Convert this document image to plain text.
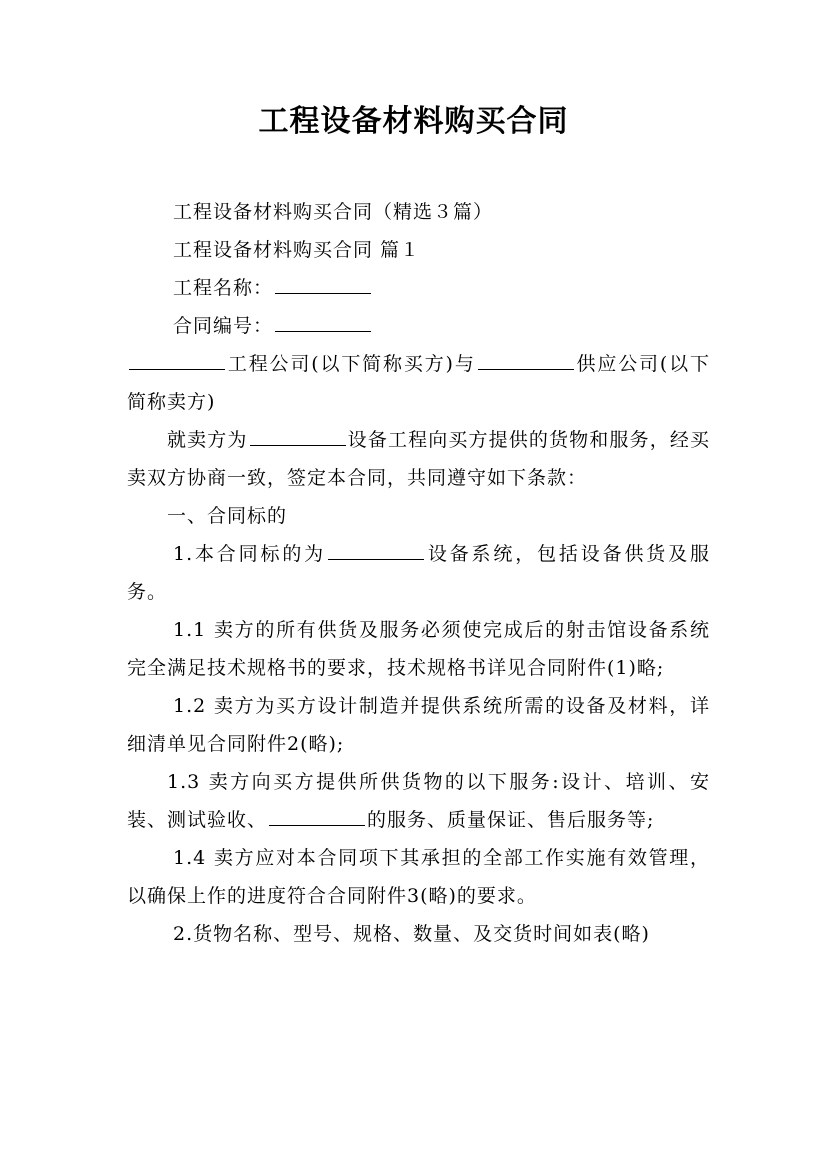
工程设备材料购买合同

工程设备材料购买合同（精选３篇）

工程设备材料购买合同 篇１

工程名称：

合同编号：

工程公司(以下简称买方)与	供应公司(以下简称卖方)

就卖方为	设备工程向买方提供的货物和服务，经买卖双方协商一致，签定本合同，共同遵守如下条款：

一、合同标的

1.本合同标的为	设备系统，包括设备供货及服务。

1.1 卖方的所有供货及服务必须使完成后的射击馆设备系统完全满足技术规格书的要求，技术规格书详见合同附件(1)略;

1.2 卖方为买方设计制造并提供系统所需的设备及材料，详细清单见合同附件2(略);

1.3 卖方向买方提供所供货物的以下服务:设计、培训、安装、测试验收、	的服务、质量保证、售后服务等;

1.4 卖方应对本合同项下其承担的全部工作实施有效管理，以确保上作的进度符合合同附件3(略)的要求。

2.货物名称、型号、规格、数量、及交货时间如表(略)
